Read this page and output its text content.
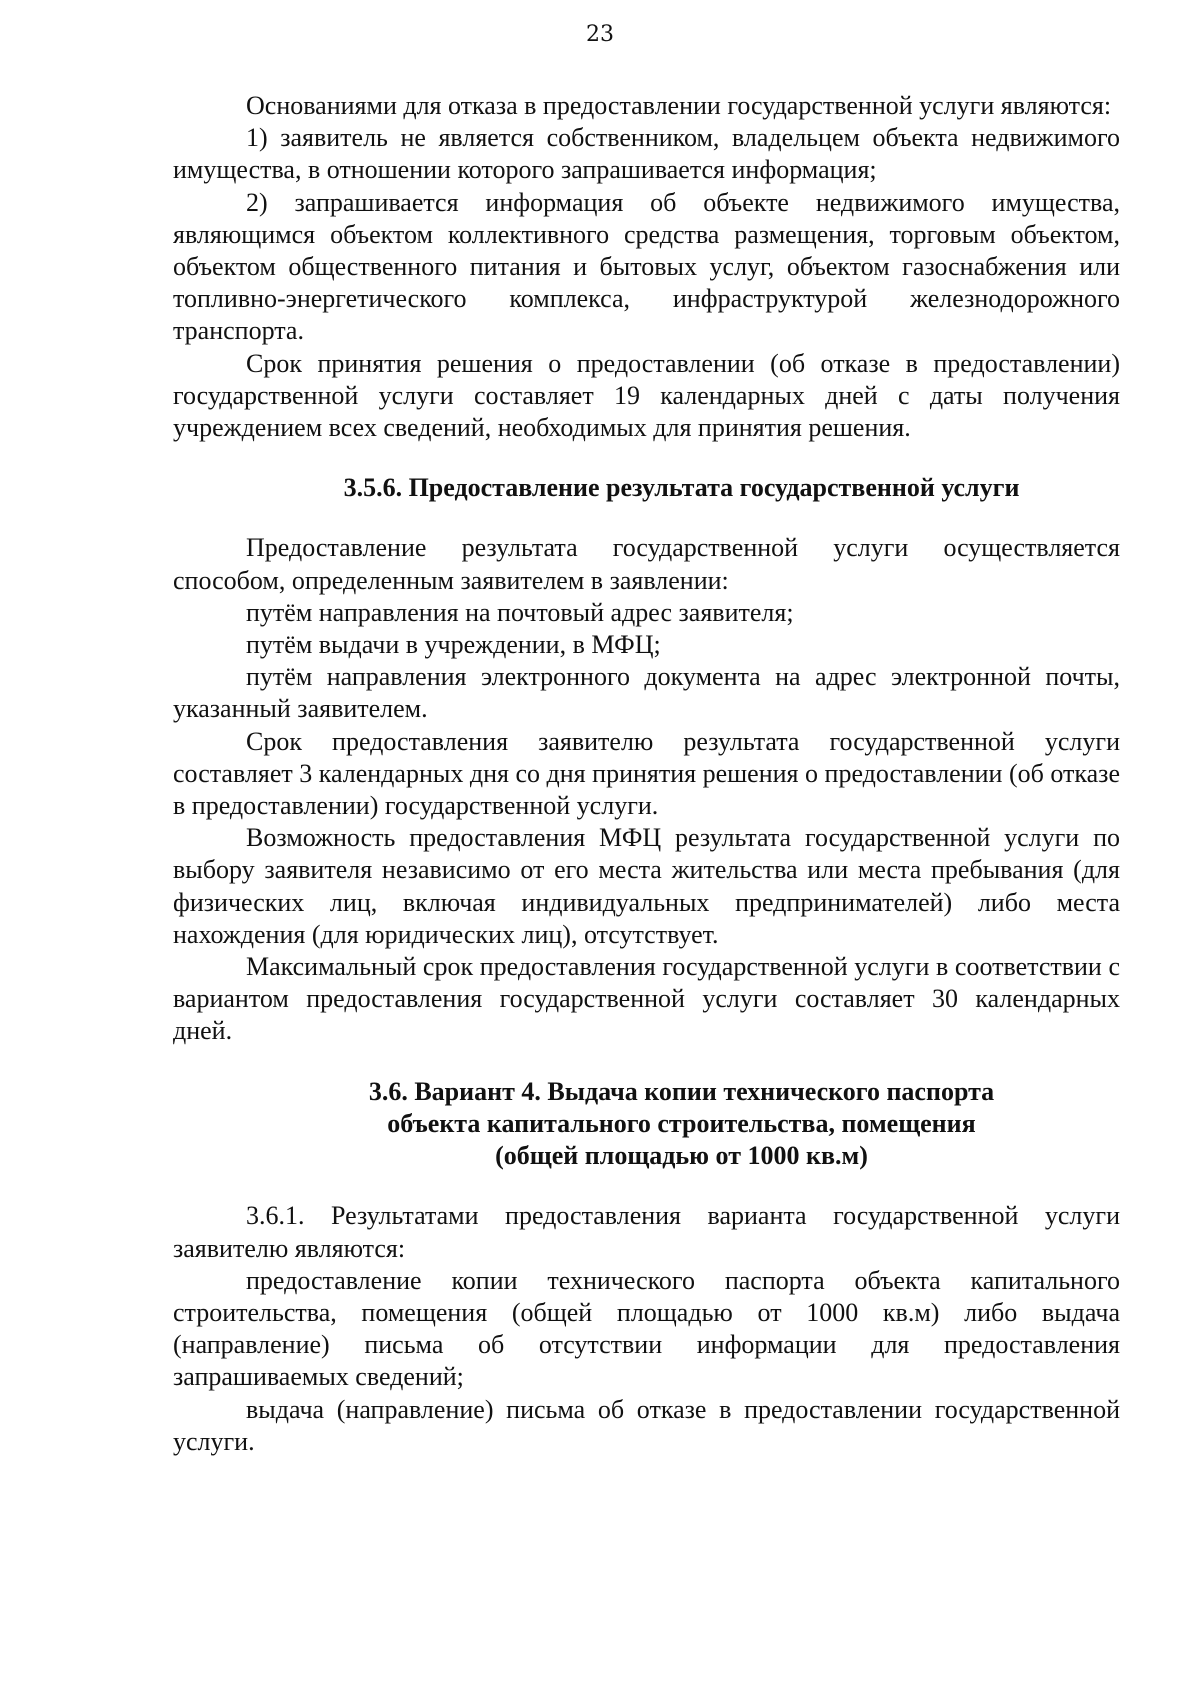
23

Основаниями для отказа в предоставлении государственной услуги являются:

1) заявитель не является собственником, владельцем объекта недвижимого имущества, в отношении которого запрашивается информация;

2) запрашивается информация об объекте недвижимого имущества, являющимся объектом коллективного средства размещения, торговым объектом, объектом общественного питания и бытовых услуг, объектом газоснабжения или топливно-энергетического комплекса, инфраструктурой железнодорожного транспорта.

Срок принятия решения о предоставлении (об отказе в предоставлении) государственной услуги составляет 19 календарных дней с даты получения учреждением всех сведений, необходимых для принятия решения.

3.5.6. Предоставление результата государственной услуги

Предоставление результата государственной услуги осуществляется способом, определенным заявителем в заявлении:

путём направления на почтовый адрес заявителя;

путём выдачи в учреждении, в МФЦ;

путём направления электронного документа на адрес электронной почты, указанный заявителем.

Срок предоставления заявителю результата государственной услуги составляет 3 календарных дня со дня принятия решения о предоставлении (об отказе в предоставлении) государственной услуги.

Возможность предоставления МФЦ результата государственной услуги по выбору заявителя независимо от его места жительства или места пребывания (для физических лиц, включая индивидуальных предпринимателей) либо места нахождения (для юридических лиц), отсутствует.

Максимальный срок предоставления государственной услуги в соответствии с вариантом предоставления государственной услуги составляет 30 календарных дней.

3.6. Вариант 4. Выдача копии технического паспорта
объекта капитального строительства, помещения
(общей площадью от 1000 кв.м)

3.6.1. Результатами предоставления варианта государственной услуги заявителю являются:

предоставление копии технического паспорта объекта капитального строительства, помещения (общей площадью от 1000 кв.м) либо выдача (направление) письма об отсутствии информации для предоставления запрашиваемых сведений;

выдача (направление) письма об отказе в предоставлении государственной услуги.
